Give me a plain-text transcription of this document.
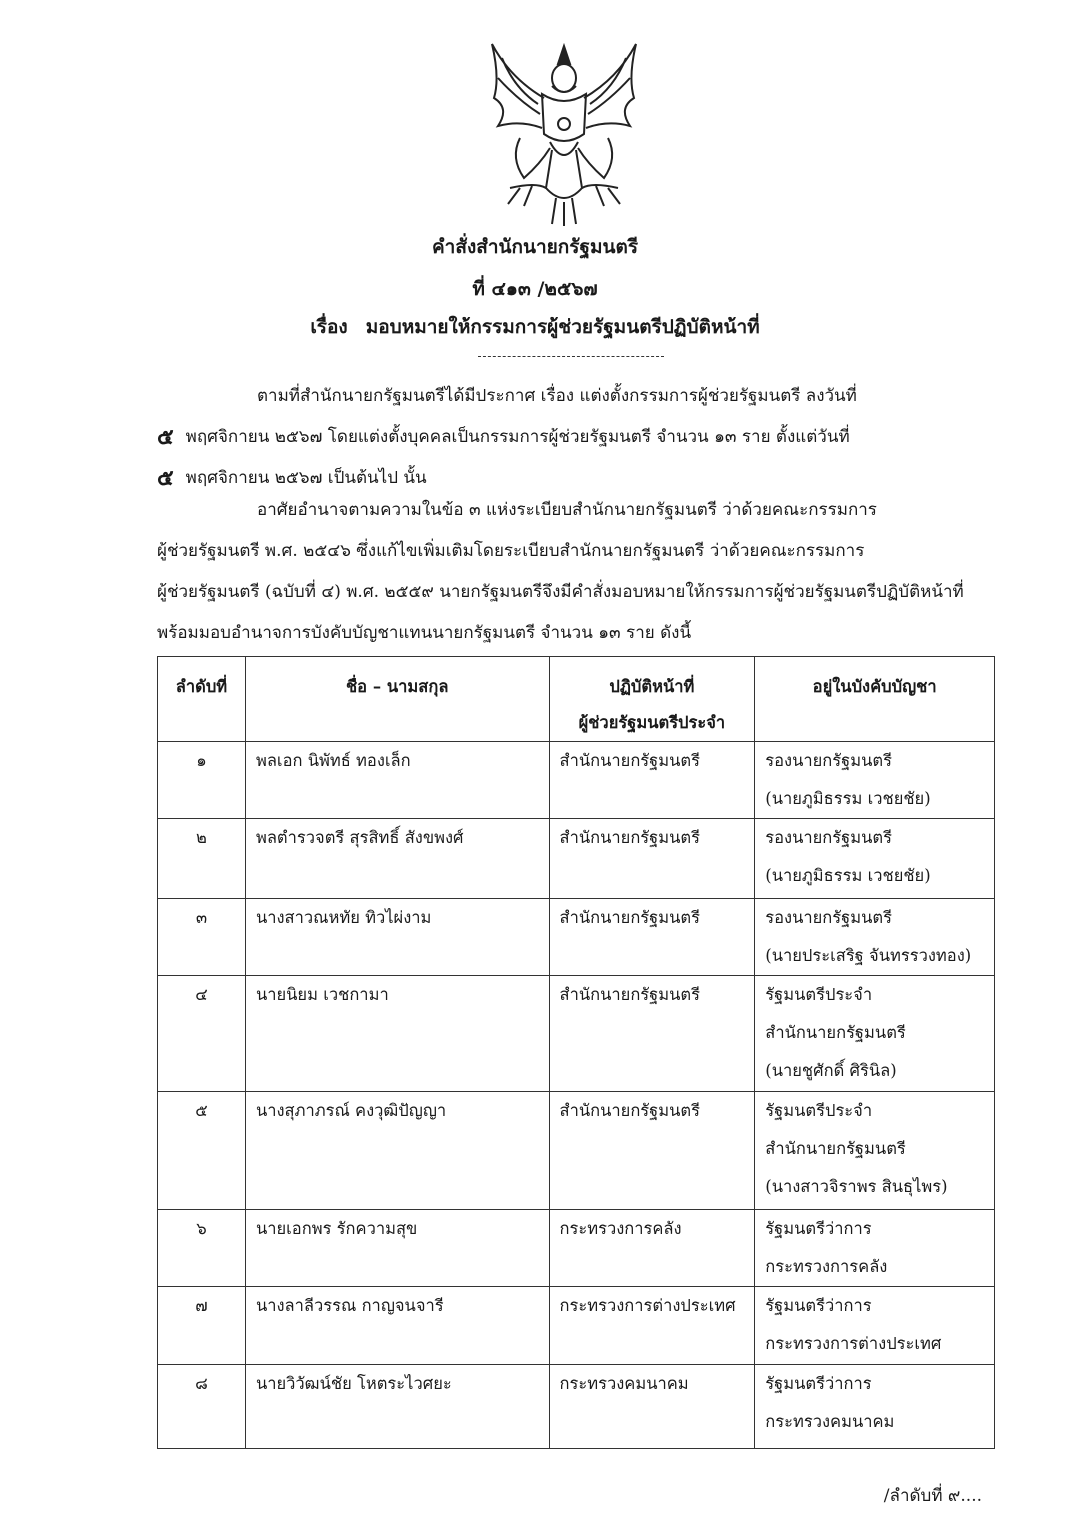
คำสั่งสำนักนายกรัฐมนตรี
ที่ ๔๑๓ /๒๕๖๗
เรื่อง มอบหมายให้กรรมการผู้ช่วยรัฐมนตรีปฏิบัติหน้าที่
ตามที่สำนักนายกรัฐมนตรีได้มีประกาศ เรื่อง แต่งตั้งกรรมการผู้ช่วยรัฐมนตรี ลงวันที่
๕ พฤศจิกายน ๒๕๖๗ โดยแต่งตั้งบุคคลเป็นกรรมการผู้ช่วยรัฐมนตรี จำนวน ๑๓ ราย ตั้งแต่วันที่
๕ พฤศจิกายน ๒๕๖๗ เป็นต้นไป นั้น
อาศัยอำนาจตามความในข้อ ๓ แห่งระเบียบสำนักนายกรัฐมนตรี ว่าด้วยคณะกรรมการ
ผู้ช่วยรัฐมนตรี พ.ศ. ๒๕๔๖ ซึ่งแก้ไขเพิ่มเติมโดยระเบียบสำนักนายกรัฐมนตรี ว่าด้วยคณะกรรมการ
ผู้ช่วยรัฐมนตรี (ฉบับที่ ๔) พ.ศ. ๒๕๕๙ นายกรัฐมนตรีจึงมีคำสั่งมอบหมายให้กรรมการผู้ช่วยรัฐมนตรีปฏิบัติหน้าที่
พร้อมมอบอำนาจการบังคับบัญชาแทนนายกรัฐมนตรี จำนวน ๑๓ ราย ดังนี้
ลำดับที่	ชื่อ – นามสกุล	ปฏิบัติหน้าที่
ผู้ช่วยรัฐมนตรีประจำ	อยู่ในบังคับบัญชา
๑	พลเอก นิพัทธ์ ทองเล็ก	สำนักนายกรัฐมนตรี	รองนายกรัฐมนตรี
(นายภูมิธรรม เวชยชัย)

๒	พลตำรวจตรี สุรสิทธิ์ สังขพงศ์	สำนักนายกรัฐมนตรี	รองนายกรัฐมนตรี
(นายภูมิธรรม เวชยชัย)

๓	นางสาวณหทัย ทิวไผ่งาม	สำนักนายกรัฐมนตรี	รองนายกรัฐมนตรี
(นายประเสริฐ จันทรรวงทอง)

๔	นายนิยม เวชกามา	สำนักนายกรัฐมนตรี	รัฐมนตรีประจำ
สำนักนายกรัฐมนตรี
(นายชูศักดิ์ ศิรินิล)

๕	นางสุภาภรณ์ คงวุฒิปัญญา	สำนักนายกรัฐมนตรี	รัฐมนตรีประจำ
สำนักนายกรัฐมนตรี
(นางสาวจิราพร สินธุไพร)

๖	นายเอกพร รักความสุข	กระทรวงการคลัง	รัฐมนตรีว่าการ
กระทรวงการคลัง

๗	นางลาลีวรรณ กาญจนจารี	กระทรวงการต่างประเทศ	รัฐมนตรีว่าการ
กระทรวงการต่างประเทศ

๘	นายวิวัฒน์ชัย โหตระไวศยะ	กระทรวงคมนาคม	รัฐมนตรีว่าการ
กระทรวงคมนาคม
/ลำดับที่ ๙....
